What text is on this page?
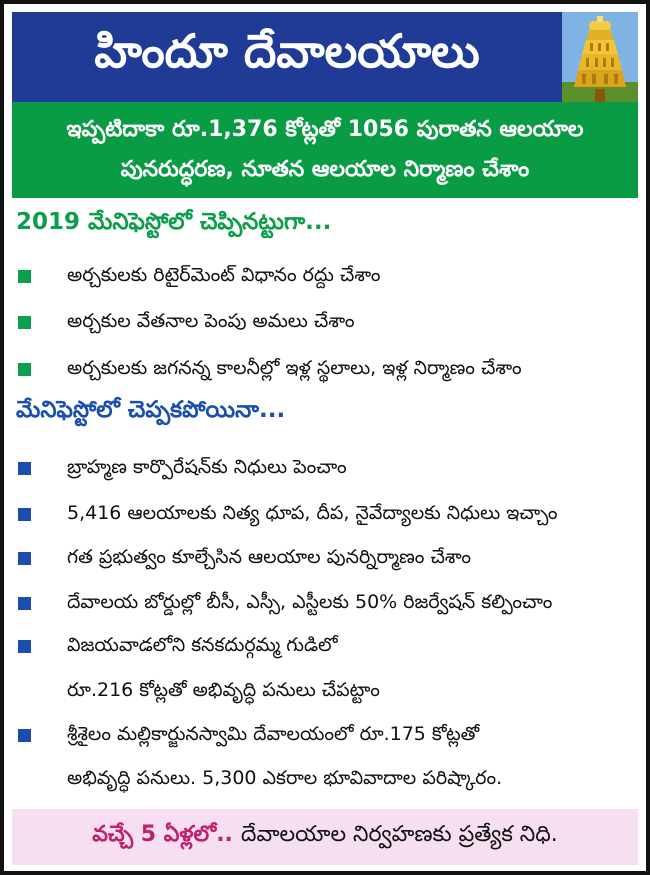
హిందూ దేవాలయాలు
ఇప్పటిదాకా రూ.1,376 కోట్లతో 1056 పురాతన ఆలయాల
పునరుద్ధరణ, నూతన ఆలయాల నిర్మాణం చేశాం
2019 మేనిఫెస్టోలో చెప్పినట్టుగా...
అర్చకులకు రిటైర్‌మెంట్ విధానం రద్దు చేశాం
అర్చకుల వేతనాల పెంపు అమలు చేశాం
అర్చకులకు జగనన్న కాలనీల్లో ఇళ్ల స్థలాలు, ఇళ్ల నిర్మాణం చేశాం
మేనిఫెస్టోలో చెప్పకపోయినా...
బ్రాహ్మణ కార్పొరేషన్‌కు నిధులు పెంచాం
5,416 ఆలయాలకు నిత్య ధూప, దీప, నైవేద్యాలకు నిధులు ఇచ్చాం
గత ప్రభుత్వం కూల్చేసిన ఆలయాల పునర్నిర్మాణం చేశాం
దేవాలయ బోర్డుల్లో బీసీ, ఎస్సీ, ఎస్టీలకు 50% రిజర్వేషన్ కల్పించాం
విజయవాడలోని కనకదుర్గమ్మ గుడిలో
రూ.216 కోట్లతో అభివృద్ధి పనులు చేపట్టాం
శ్రీశైలం మల్లికార్జునస్వామి దేవాలయంలో రూ.175 కోట్లతో
అభివృద్ధి పనులు. 5,300 ఎకరాల భూవివాదాల పరిష్కారం.
వచ్చే 5 ఏళ్లలో.. దేవాలయాల నిర్వహణకు ప్రత్యేక నిధి.
